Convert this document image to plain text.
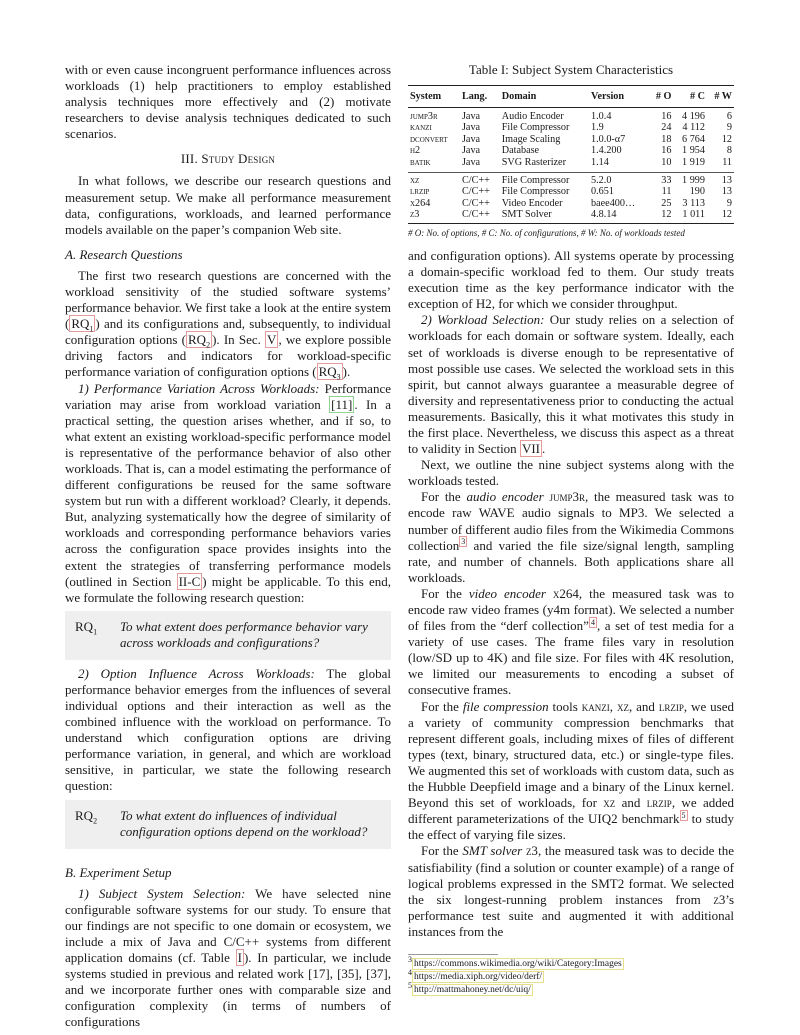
with or even cause incongruent performance influences across workloads (1) help practitioners to employ established analysis techniques more effectively and (2) motivate researchers to devise analysis techniques dedicated to such scenarios.

III. Study Design

In what follows, we describe our research questions and measurement setup. We make all performance measurement data, configurations, workloads, and learned performance models available on the paper’s companion Web site.

A. Research Questions

The first two research questions are concerned with the workload sensitivity of the studied software systems’ performance behavior. We first take a look at the entire system ( $RQ_1$ ) and its configurations and, subsequently, to individual configuration options ( $RQ_2$ ). In Sec. V , we explore possible driving factors and indicators for workload-specific performance variation of configuration options ( $RQ_3$ ).

1) Performance Variation Across Workloads: Performance variation may arise from workload variation [11] . In a practical setting, the question arises whether, and if so, to what extent an existing workload-specific performance model is representative of the performance behavior of also other workloads. That is, can a model estimating the performance of different configurations be reused for the same software system but run with a different workload? Clearly, it depends. But, analyzing systematically how the degree of similarity of workloads and corresponding performance behaviors varies across the configuration space provides insights into the extent the strategies of transferring performance models (outlined in Section II-C ) might be applicable. To this end, we formulate the following research question:

$RQ_1$	To what extent does performance behavior vary across workloads and configurations?

2) Option Influence Across Workloads: The global performance behavior emerges from the influences of several individual options and their interaction as well as the combined influence with the workload on performance. To understand which configuration options are driving performance variation, in general, and which are workload sensitive, in particular, we state the following research question:

$RQ_2$	To what extent do influences of individual configuration options depend on the workload?
B. Experiment Setup

1) Subject System Selection: We have selected nine configurable software systems for our study. To ensure that our findings are not specific to one domain or ecosystem, we include a mix of Java and C/C++ systems from different application domains (cf. Table I ). In particular, we include systems studied in previous and related work [17], [35], [37], and we incorporate further ones with comparable size and configuration complexity (in terms of numbers of configurations

Table I: Subject System Characteristics
System	Lang.	Domain	Version	# O	# C	# W
jump3r	Java	Audio Encoder	1.0.4	16	4 196	6
kanzi	Java	File Compressor	1.9	24	4 112	9
dconvert	Java	Image Scaling	1.0.0-α7	18	6 764	12
h2	Java	Database	1.4.200	16	1 954	8
batik	Java	SVG Rasterizer	1.14	10	1 919	11
xz	C/C++	File Compressor	5.2.0	33	1 999	13
lrzip	C/C++	File Compressor	0.651	11	190	13
x264	C/C++	Video Encoder	baee400…	25	3 113	9
z3	C/C++	SMT Solver	4.8.14	12	1 011	12
# O: No. of options, # C: No. of configurations, # W: No. of workloads tested

and configuration options). All systems operate by processing a domain-specific workload fed to them. Our study treats execution time as the key performance indicator with the exception of H2, for which we consider throughput.

2) Workload Selection: Our study relies on a selection of workloads for each domain or software system. Ideally, each set of workloads is diverse enough to be representative of most possible use cases. We selected the workload sets in this spirit, but cannot always guarantee a measurable degree of diversity and representativeness prior to conducting the actual measurements. Basically, this it what motivates this study in the first place. Nevertheless, we discuss this aspect as a threat to validity in Section VII .

Next, we outline the nine subject systems along with the workloads tested.

For the audio encoder jump3r, the measured task was to encode raw WAVE audio signals to MP3. We selected a number of different audio files from the Wikimedia Commons collection $^3$ and varied the file size/signal length, sampling rate, and number of channels. Both applications share all workloads.

For the video encoder x264, the measured task was to encode raw video frames (y4m format). We selected a number of files from the “derf collection” $^4$ , a set of test media for a variety of use cases. The frame files vary in resolution (low/SD up to 4K) and file size. For files with 4K resolution, we limited our measurements to encoding a subset of consecutive frames.

For the file compression tools kanzi, xz, and lrzip, we used a variety of community compression benchmarks that represent different goals, including mixes of files of different types (text, binary, structured data, etc.) or single-type files. We augmented this set of workloads with custom data, such as the Hubble Deepfield image and a binary of the Linux kernel. Beyond this set of workloads, for xz and lrzip, we added different parameterizations of the UIQ2 benchmark $^5$ to study the effect of varying file sizes.

For the SMT solver z3, the measured task was to decide the satisfiability (find a solution or counter example) of a range of logical problems expressed in the SMT2 format. We selected the six longest-running problem instances from z3’s performance test suite and augmented it with additional instances from the

$^3$ https://commons.wikimedia.org/wiki/Category:Images
$^4$ https://media.xiph.org/video/derf/
$^5$ http://mattmahoney.net/dc/uiq/
